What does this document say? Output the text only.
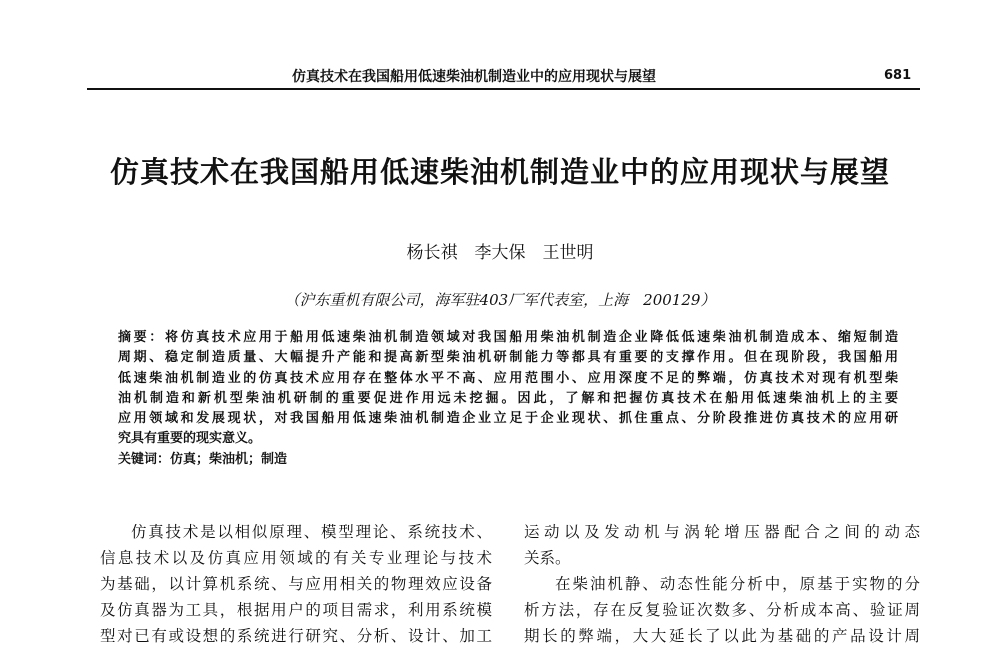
仿真技术在我国船用低速柴油机制造业中的应用现状与展望	681
仿真技术在我国船用低速柴油机制造业中的应用现状与展望
杨长祺　李大保　王世明
（沪东重机有限公司，海军驻403厂军代表室，上海　200129）
摘要：将仿真技术应用于船用低速柴油机制造领域对我国船用柴油机制造企业降低低速柴油机制造成本、缩短制造
周期、稳定制造质量、大幅提升产能和提高新型柴油机研制能力等都具有重要的支撑作用。但在现阶段，我国船用
低速柴油机制造业的仿真技术应用存在整体水平不高、应用范围小、应用深度不足的弊端，仿真技术对现有机型柴
油机制造和新机型柴油机研制的重要促进作用远未挖掘。因此，了解和把握仿真技术在船用低速柴油机上的主要
应用领域和发展现状，对我国船用低速柴油机制造企业立足于企业现状、抓住重点、分阶段推进仿真技术的应用研
究具有重要的现实意义。
关键词：仿真；柴油机；制造
仿真技术是以相似原理、模型理论、系统技术、
信息技术以及仿真应用领域的有关专业理论与技术
为基础，以计算机系统、与应用相关的物理效应设备
及仿真器为工具，根据用户的项目需求，利用系统模
型对已有或设想的系统进行研究、分析、设计、加工
运动以及发动机与涡轮增压器配合之间的动态
关系。
在柴油机静、动态性能分析中，原基于实物的分
析方法，存在反复验证次数多、分析成本高、验证周
期长的弊端，大大延长了以此为基础的产品设计周
